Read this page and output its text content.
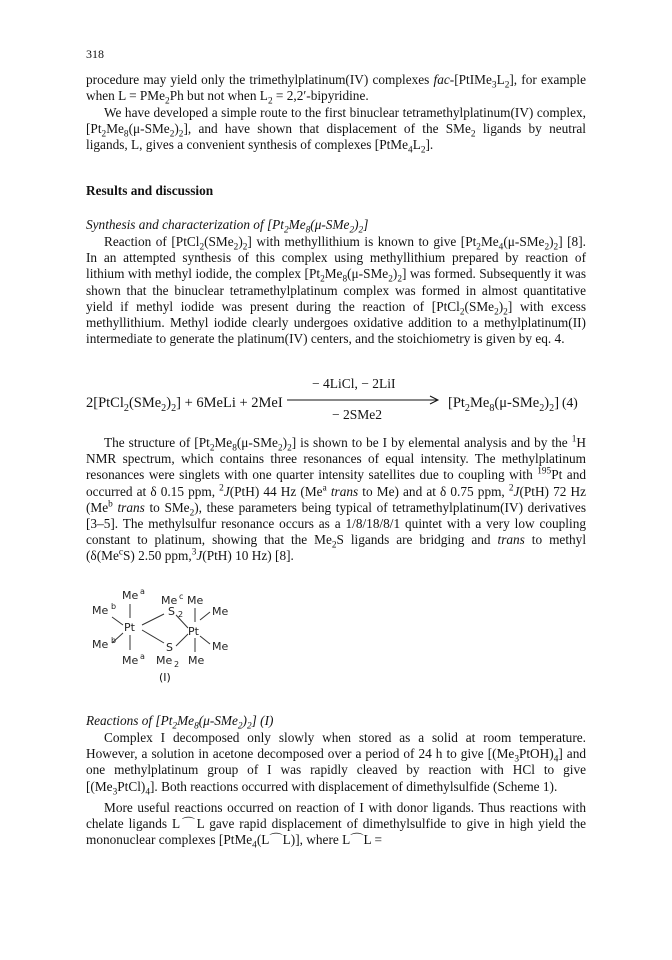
318
procedure may yield only the trimethylplatinum(IV) complexes fac-$[PtIMe_3L_2]$, for example when L = PMe$_2$Ph but not when $L_2$ = 2,2′-bipyridine.
We have developed a simple route to the first binuclear tetramethylplatinum(IV) complex, $[Pt_2Me_8(\mu-SMe_2)_2]$, and have shown that displacement of the SMe$_2$ ligands by neutral ligands, L, gives a convenient synthesis of complexes $[PtMe_4L_2]$.
Results and discussion
Synthesis and characterization of $[Pt_2Me_8(\mu-SMe_2)_2]$
Reaction of $[PtCl_2(SMe_2)_2]$ with methyllithium is known to give $[Pt_2Me_4(\mu-SMe_2)_2]$ [8]. In an attempted synthesis of this complex using methyllithium prepared by reaction of lithium with methyl iodide, the complex $[Pt_2Me_8(\mu-SMe_2)_2]$ was formed. Subsequently it was shown that the binuclear tetramethylplatinum complex was formed in almost quantitative yield if methyl iodide was present during the reaction of $[PtCl_2(SMe_2)_2]$ with excess methyllithium. Methyl iodide clearly undergoes oxidative addition to a methylplatinum(II) intermediate to generate the platinum(IV) centers, and the stoichiometry is given by eq. 4.
$2[PtCl_2(SMe_2)_2]$ + 6MeLi + 2MeI
− 4LiCl, − 2LiI
− 2SMe2
$[Pt_2Me_8(\mu-SMe_2)_2]$ (4)
The structure of $[Pt_2Me_8(\mu-SMe_2)_2]$ is shown to be I by elemental analysis and by the $^1$H NMR spectrum, which contains three resonances of equal intensity. The methylplatinum resonances were singlets with one quarter intensity satellites due to coupling with $^{195}$Pt and occurred at δ 0.15 ppm, $^2$J(PtH) 44 Hz (Me$^a$ trans to Me) and at δ 0.75 ppm, $^2$J(PtH) 72 Hz (Me$^b$ trans to SMe$_2$), these parameters being typical of tetramethylplatinum(IV) derivatives [3–5]. The methylsulfur resonance occurs as a 1/8/18/8/1 quintet with a very low coupling constant to platinum, showing that the $Me_2S$ ligands are bridging and trans to methyl (δ(Me$^c$S) 2.50 ppm,$^3$J(PtH) 10 Hz) [8].
Me a
Me c Me
Me b	S 2	Me
Pt	Pt
Me b
S	Me
Me a Me 2 Me
(I)
Reactions of $[Pt_2Me_8(\mu-SMe_2)_2]$ (I)
Complex I decomposed only slowly when stored as a solid at room temperature. However, a solution in acetone decomposed over a period of 24 h to give $[(Me_3PtOH)_4]$ and one methylplatinum group of I was rapidly cleaved by reaction with HCl to give $[(Me_3PtCl)_4]$. Both reactions occurred with displacement of dimethylsulfide (Scheme 1).
More useful reactions occurred on reaction of I with donor ligands. Thus reactions with chelate ligands L⌒L gave rapid displacement of dimethylsulfide to give in high yield the mononuclear complexes [PtMe$_4$(L⌒L)], where L⌒L =
